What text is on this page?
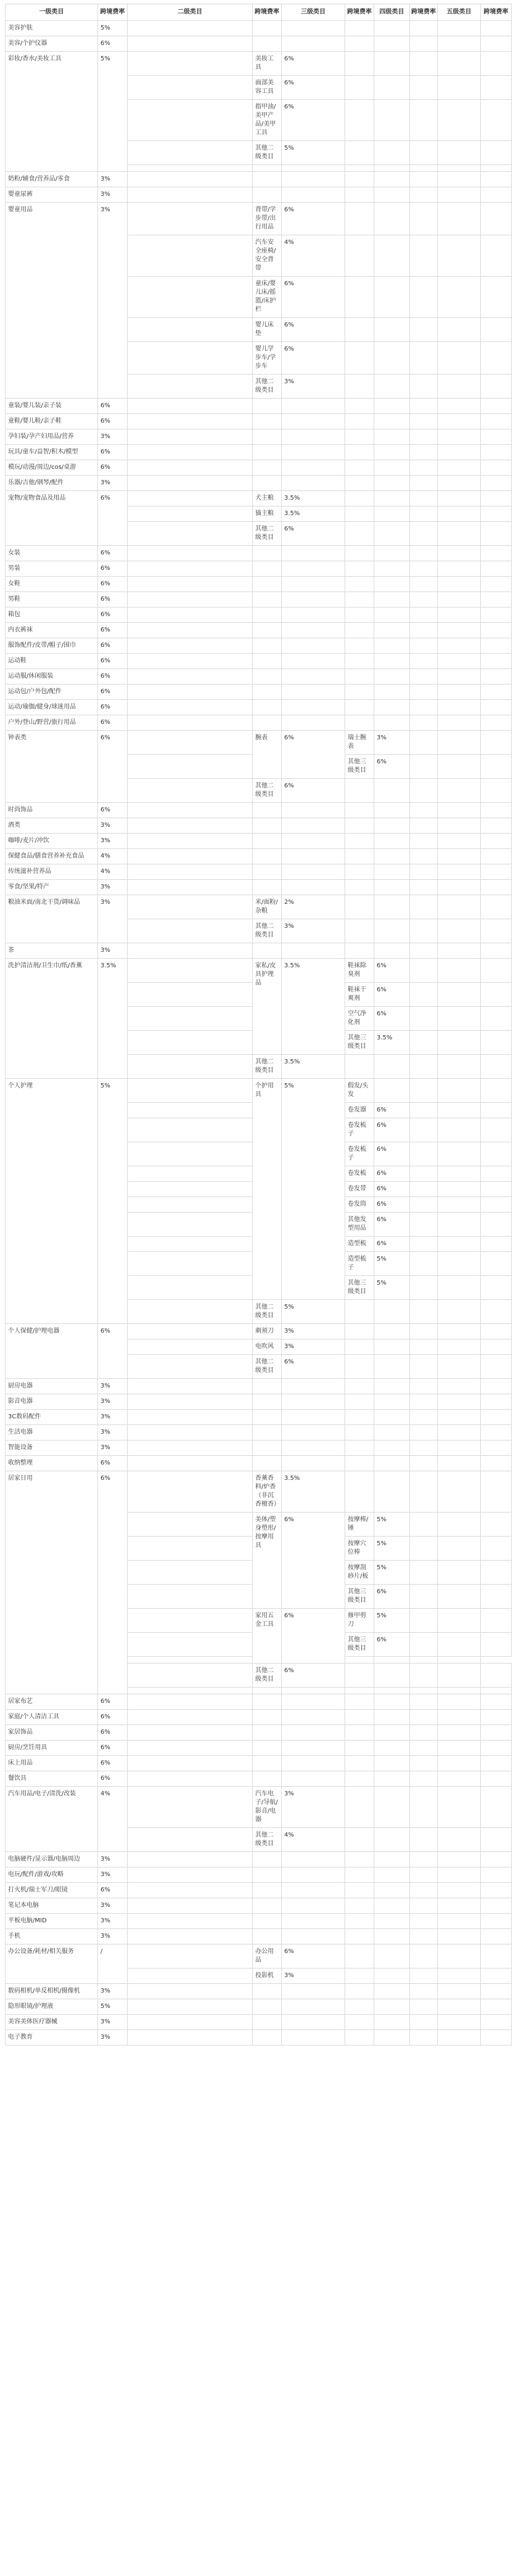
一级类目	跨境费率	二级类目	跨境费率	三级类目	跨境费率	四级类目	跨境费率	五级类目	跨境费率	
美容护肤	5%									
美容/个护仪器	6%									
彩妆/香水/美妆工具	5%		美妆工具	6%						
			面部美容工具	6%						
			指甲油/美甲产品/美甲工具	6%						
			其他二级类目	5%						

奶粉/辅食/营养品/零食	3%									
婴童尿裤	3%									
婴童用品	3%		背带/学步带/出行用品	6%						
			汽车安全座椅/安全背带	4%						
			童床/婴儿床/摇篮/床护栏	6%						
			婴儿床垫	6%						
			婴儿学步车/学步车	6%						
			其他二级类目	3%						
童装/婴儿装/亲子装	6%									
童鞋/婴儿鞋/亲子鞋	6%									
孕妇装/孕产妇用品/营养	3%									
玩具/童车/益智/积木/模型	6%									
模玩/动漫/周边/cos/桌游	6%									
乐器/吉他/钢琴/配件	3%									
宠物/宠物食品及用品	6%		犬主粮	3.5%						
			猫主粮	3.5%						
			其他二级类目	6%						
女装	6%									
男装	6%									
女鞋	6%									
男鞋	6%									
箱包	6%									
内衣裤袜	6%									
服饰配件/皮带/帽子/围巾	6%									
运动鞋	6%									
运动服/休闲服装	6%									
运动包/户外包/配件	6%									
运动/瑜伽/健身/球迷用品	6%									
户外/登山/野营/旅行用品	6%									
钟表类	6%		腕表	6%	瑞士腕表	3%				
					其他三级类目	6%				
			其他二级类目	6%						
时尚饰品	6%									
酒类	3%									
咖啡/麦片/冲饮	3%									
保健食品/膳食营养补充食品	4%									
传统滋补营养品	4%									
零食/坚果/特产	3%									
粮油米面/南北干货/调味品	3%		米/面粉/杂粮	2%						
			其他二级类目	3%						
茶	3%									
洗护清洁剂/卫生巾/纸/香薰	3.5%		家私/皮具护理品	3.5%	鞋袜除臭剂	6%				
					鞋袜干爽剂	6%				
					空气净化剂	6%				
					其他三级类目	3.5%				
			其他二级类目	3.5%						
个人护理	5%		个护用具	5%	假发/头发					
					卷发器	6%				
					卷发梳子	6%				
					卷发梳子	6%				
					卷发梳	6%				
					卷发带	6%				
					卷发筒	6%				
					其他发型用品	6%				
					造型梳	6%				
					造型梳子	5%				
					其他三级类目	5%				
			其他二级类目	5%						
个人保健/护理电器	6%		剃须刀	3%						
			电吹风	3%						
			其他二级类目	6%						
厨房电器	3%									
影音电器	3%									
3C数码配件	3%									
生活电器	3%									
智能设备	3%									
收纳整理	6%									
居家日用	6%		香薰香料/炉香（非沉香檀香）	3.5%						
			美体/塑身塑形/按摩用具	6%	按摩棒/锤	5%				
					按摩穴位棒	5%				
					按摩刮痧片/板	5%				
					其他三级类目	6%				
			家用五金工具	6%	修甲剪刀	5%				
					其他三级类目	6%				

			其他二级类目	6%						

居家布艺	6%									
家庭/个人清洁工具	6%									
家居饰品	6%									
厨房/烹饪用具	6%									
床上用品	6%									
餐饮具	6%									
汽车用品/电子/清洗/改装	4%		汽车电子/导航/影音/电器	3%						
			其他二级类目	4%						
电脑硬件/显示器/电脑周边	3%									
电玩/配件/游戏/攻略	3%									
打火机/瑞士军刀/眼镜	6%									
笔记本电脑	3%									
平板电脑/MID	3%									
手机	3%									
办公设备/耗材/相关服务	/		办公用品	6%						
			投影机	3%						
数码相机/单反相机/摄像机	3%									
隐形眼镜/护理液	5%									
美容美体医疗器械	3%									
电子教育	3%									
